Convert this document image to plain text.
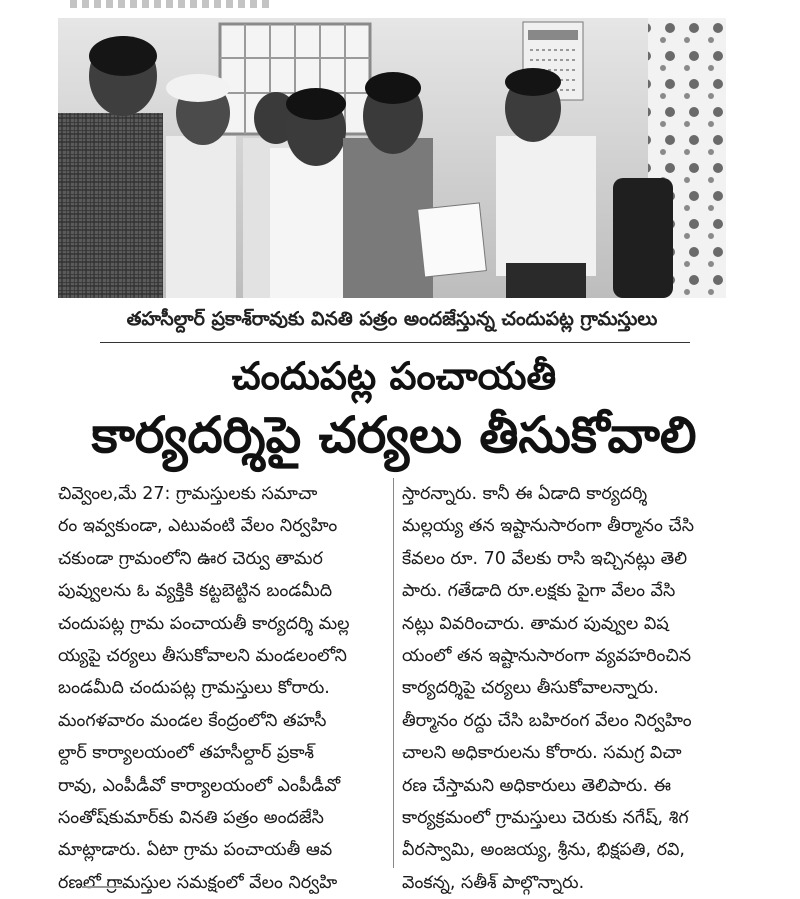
తహసీల్దార్ ప్రకాశ్‌రావుకు వినతి పత్రం అందజేస్తున్న చందుపట్ల గ్రామస్తులు
చందుపట్ల పంచాయతీ
కార్యదర్శిపై చర్యలు తీసుకోవాలి
చివ్వెంల,మే 27: గ్రామస్తులకు సమాచా
రం ఇవ్వకుండా, ఎటువంటి వేలం నిర్వహిం
చకుండా గ్రామంలోని ఊర చెర్వు తామర
పువ్వులను ఓ వ్యక్తికి కట్టబెట్టిన బండమీది
చందుపట్ల గ్రామ పంచాయతీ కార్యదర్శి మల్ల
య్యపై చర్యలు తీసుకోవాలని మండలంలోని
బండమీది చందుపట్ల గ్రామస్తులు కోరారు.
మంగళవారం మండల కేంద్రంలోని తహసీ
ల్దార్ కార్యాలయంలో తహసీల్దార్ ప్రకాశ్
రావు, ఎంపీడీవో కార్యాలయంలో ఎంపీడీవో
సంతోష్‌కుమార్‌కు వినతి పత్రం అందజేసి
మాట్లాడారు. ఏటా గ్రామ పంచాయతీ ఆవ
రణలో గ్రామస్తుల సమక్షంలో వేలం నిర్వహి
స్తారన్నారు. కానీ ఈ ఏడాది కార్యదర్శి
మల్లయ్య తన ఇష్టానుసారంగా తీర్మానం చేసి
కేవలం రూ. 70 వేలకు రాసి ఇచ్చినట్లు తెలి
పారు. గతేడాది రూ.లక్షకు పైగా వేలం వేసి
నట్లు వివరించారు. తామర పువ్వుల విష
యంలో తన ఇష్టానుసారంగా వ్యవహరించిన
కార్యదర్శిపై చర్యలు తీసుకోవాలన్నారు.
తీర్మానం రద్దు చేసి బహిరంగ వేలం నిర్వహిం
చాలని అధికారులను కోరారు. సమగ్ర విచా
రణ చేస్తామని అధికారులు తెలిపారు. ఈ
కార్యక్రమంలో గ్రామస్తులు చెరుకు నగేష్, శిగ
వీరస్వామి, అంజయ్య, శ్రీను, భిక్షపతి, రవి,
వెంకన్న, సతీశ్ పాల్గొన్నారు.
